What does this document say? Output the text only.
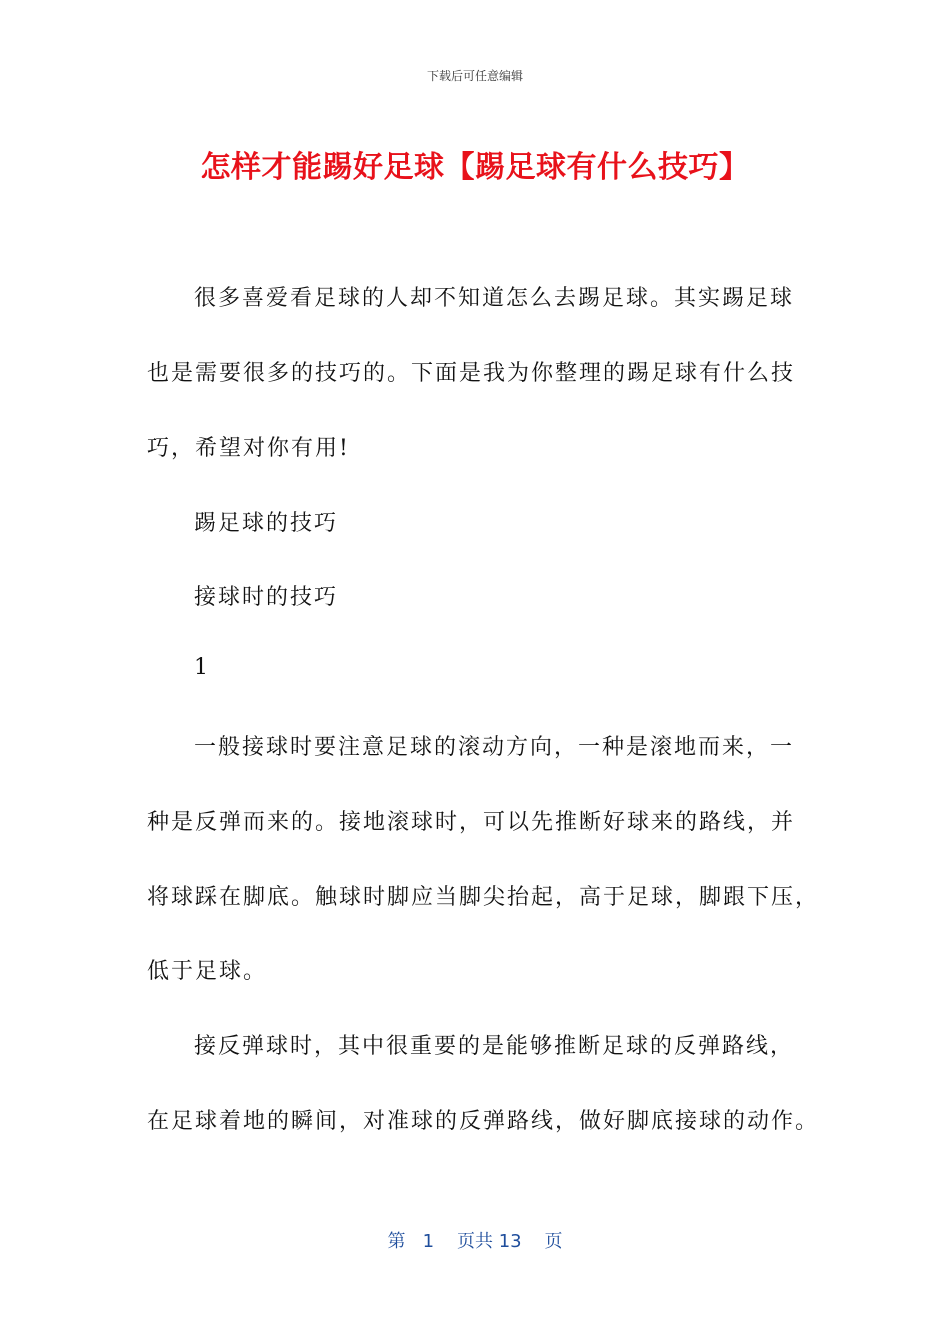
下载后可任意编辑
怎样才能踢好足球【踢足球有什么技巧】
很多喜爱看足球的人却不知道怎么去踢足球。其实踢足球
也是需要很多的技巧的。下面是我为你整理的踢足球有什么技
巧，希望对你有用!
踢足球的技巧
接球时的技巧
1
一般接球时要注意足球的滚动方向，一种是滚地而来，一
种是反弹而来的。接地滚球时，可以先推断好球来的路线，并
将球踩在脚底。触球时脚应当脚尖抬起，高于足球，脚跟下压，
低于足球。
接反弹球时，其中很重要的是能够推断足球的反弹路线，
在足球着地的瞬间，对准球的反弹路线，做好脚底接球的动作。
第 1 页共 13 页
